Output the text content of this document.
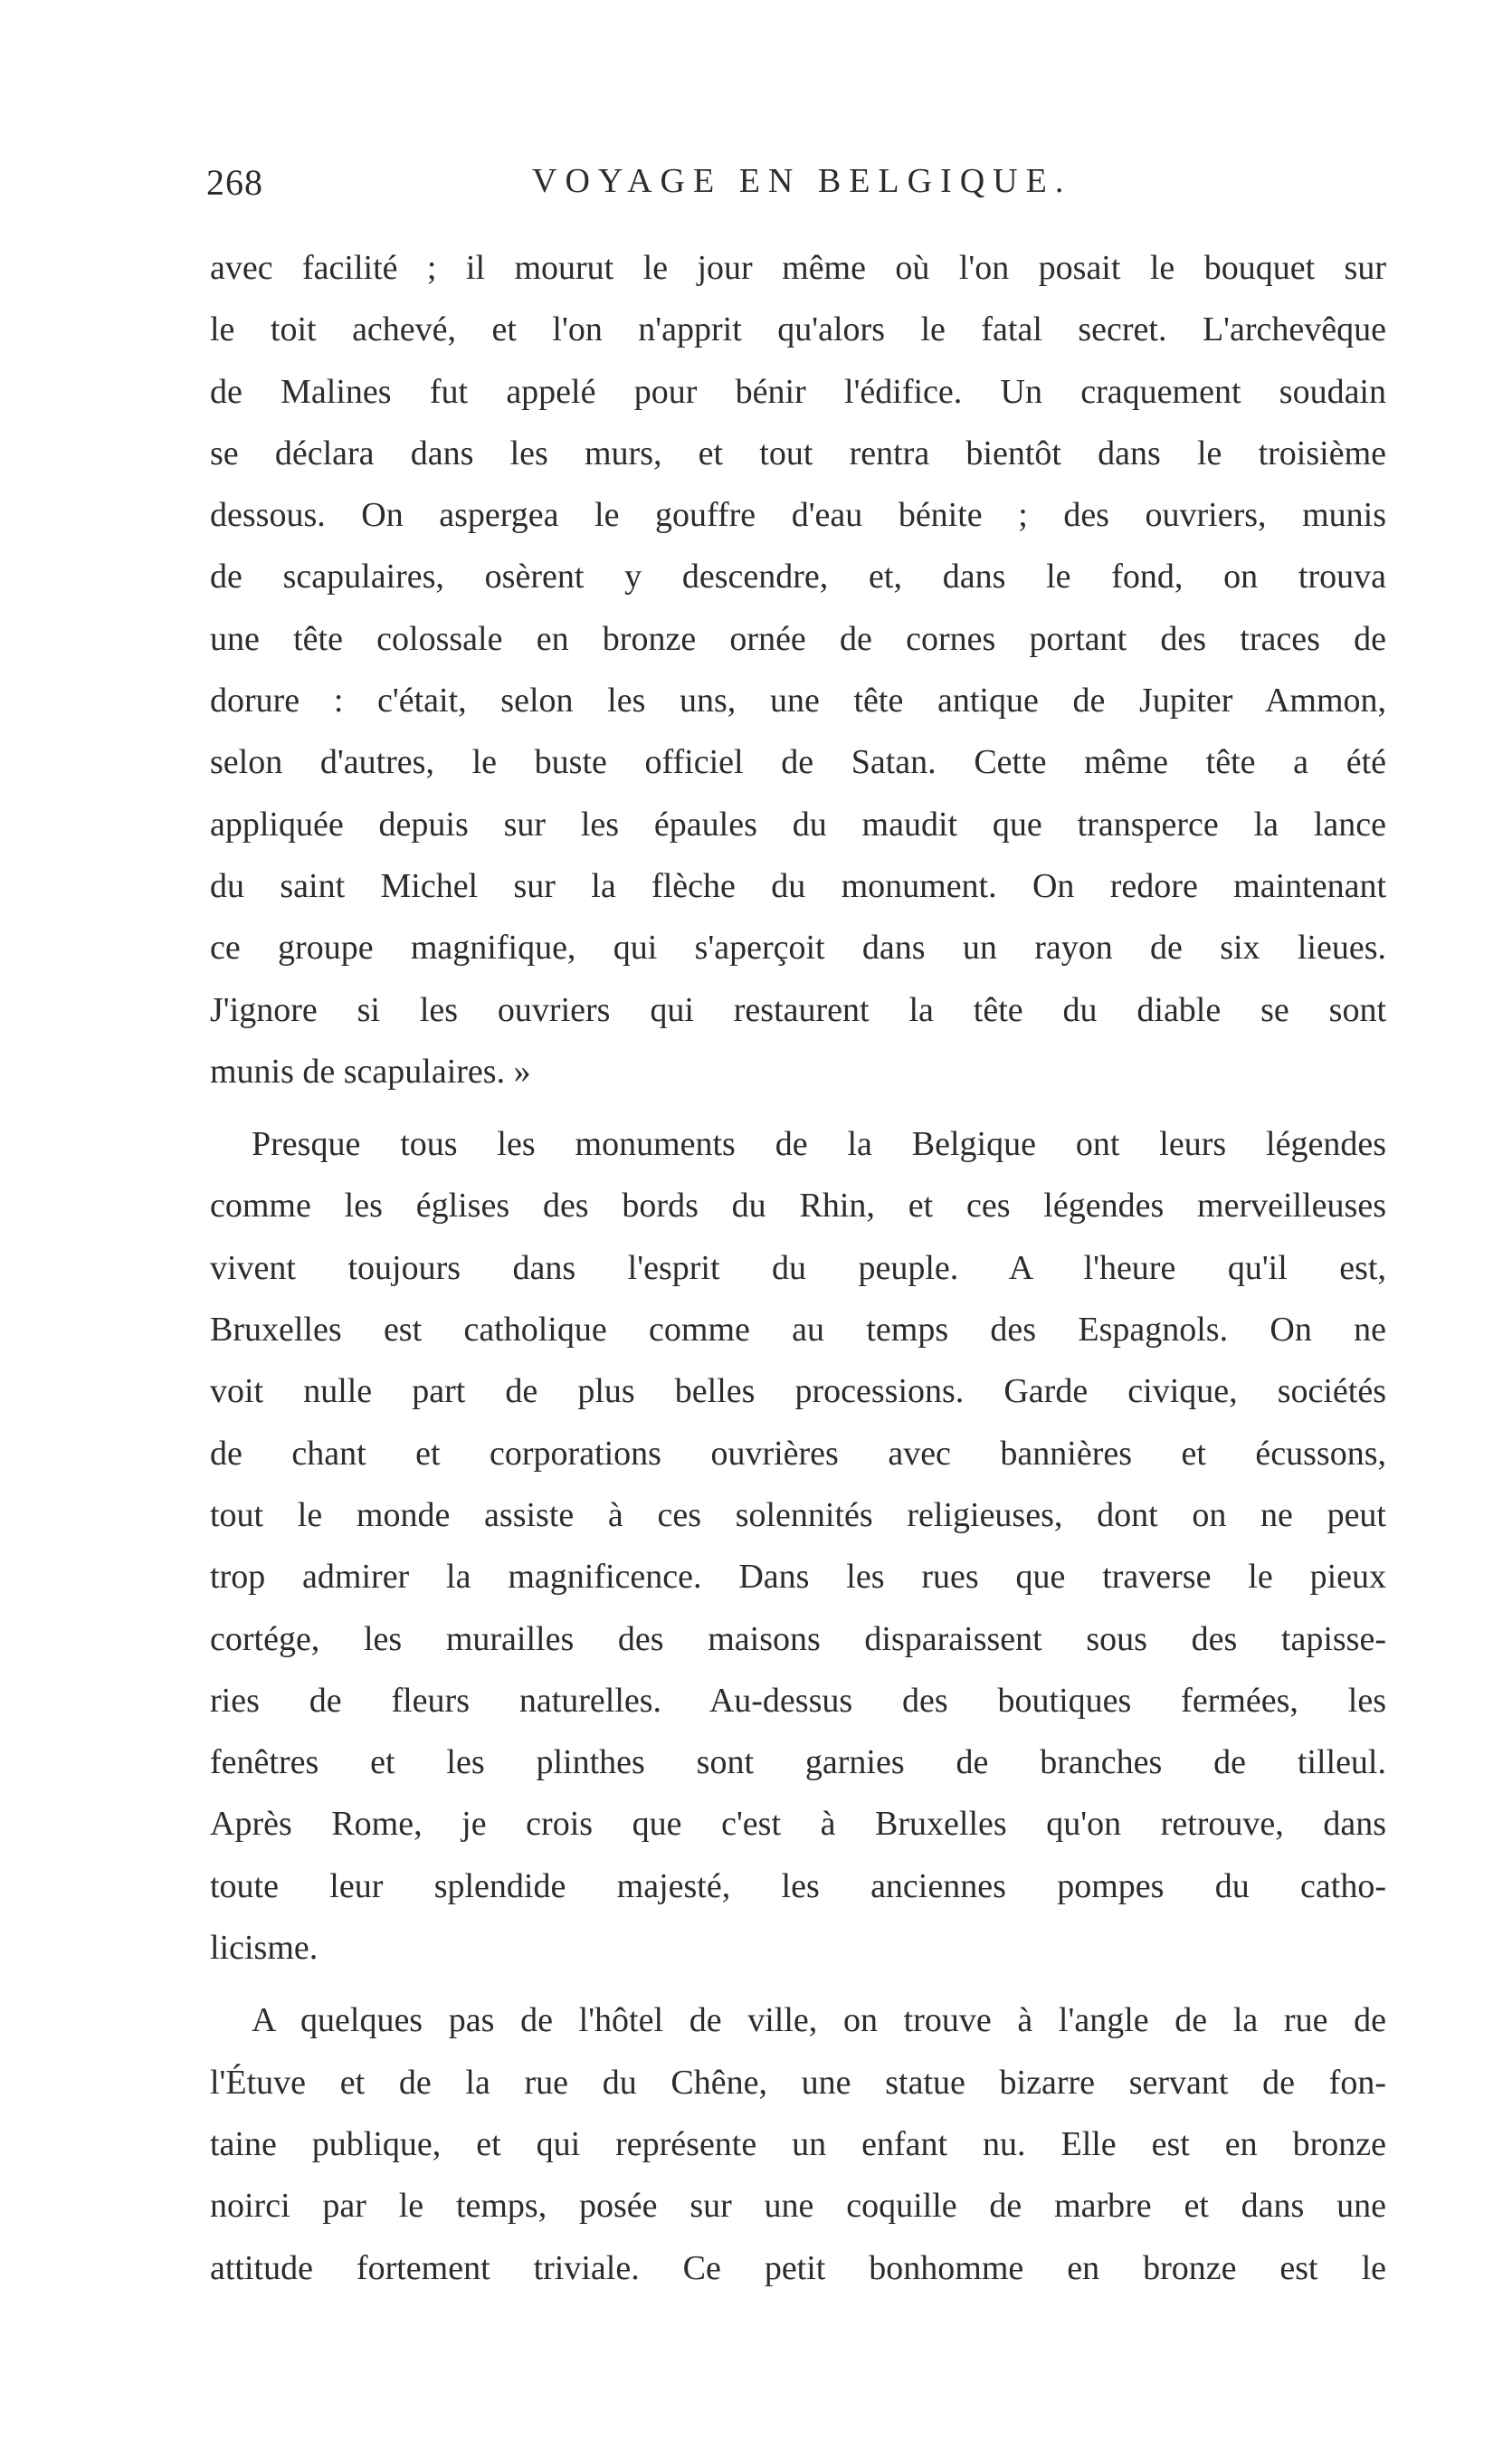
268	VOYAGE EN BELGIQUE.

avec facilité ; il mourut le jour même où l'on posait le bouquet sur
le toit achevé, et l'on n'apprit qu'alors le fatal secret. L'archevêque
de Malines fut appelé pour bénir l'édifice. Un craquement soudain
se déclara dans les murs, et tout rentra bientôt dans le troisième
dessous. On aspergea le gouffre d'eau bénite ; des ouvriers, munis
de scapulaires, osèrent y descendre, et, dans le fond, on trouva
une tête colossale en bronze ornée de cornes portant des traces de
dorure : c'était, selon les uns, une tête antique de Jupiter Ammon,
selon d'autres, le buste officiel de Satan. Cette même tête a été
appliquée depuis sur les épaules du maudit que transperce la lance
du saint Michel sur la flèche du monument. On redore maintenant
ce groupe magnifique, qui s'aperçoit dans un rayon de six lieues.
J'ignore si les ouvriers qui restaurent la tête du diable se sont
munis de scapulaires. »

Presque tous les monuments de la Belgique ont leurs légendes
comme les églises des bords du Rhin, et ces légendes merveilleuses
vivent toujours dans l'esprit du peuple. A l'heure qu'il est,
Bruxelles est catholique comme au temps des Espagnols. On ne
voit nulle part de plus belles processions. Garde civique, sociétés
de chant et corporations ouvrières avec bannières et écussons,
tout le monde assiste à ces solennités religieuses, dont on ne peut
trop admirer la magnificence. Dans les rues que traverse le pieux
cortége, les murailles des maisons disparaissent sous des tapisse-
ries de fleurs naturelles. Au-dessus des boutiques fermées, les
fenêtres et les plinthes sont garnies de branches de tilleul.
Après Rome, je crois que c'est à Bruxelles qu'on retrouve, dans
toute leur splendide majesté, les anciennes pompes du catho-
licisme.

A quelques pas de l'hôtel de ville, on trouve à l'angle de la rue de
l'Étuve et de la rue du Chêne, une statue bizarre servant de fon-
taine publique, et qui représente un enfant nu. Elle est en bronze
noirci par le temps, posée sur une coquille de marbre et dans une
attitude fortement triviale. Ce petit bonhomme en bronze est le
